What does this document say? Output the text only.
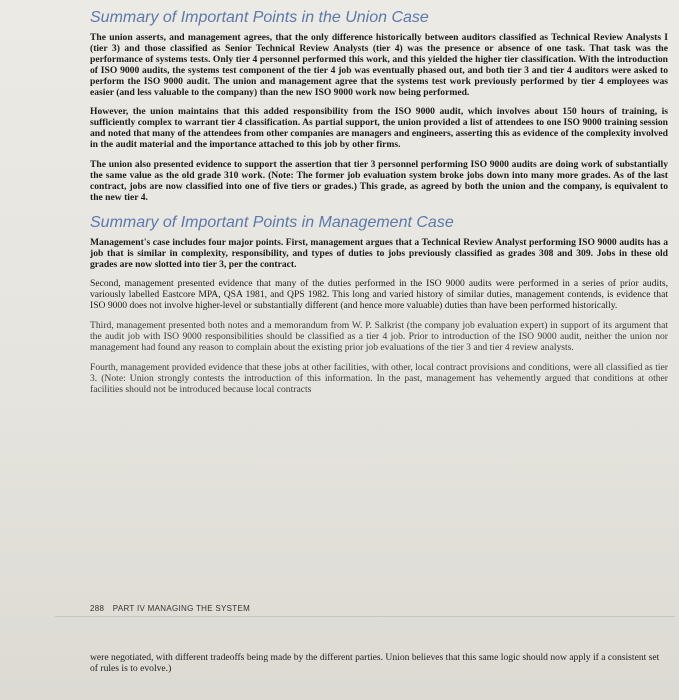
Summary of Important Points in the Union Case

The union asserts, and management agrees, that the only difference historically between auditors classified as Technical Review Analysts I (tier 3) and those classified as Senior Technical Review Analysts (tier 4) was the presence or absence of one task. That task was the performance of systems tests. Only tier 4 personnel performed this work, and this yielded the higher tier classification. With the introduction of ISO 9000 audits, the systems test component of the tier 4 job was eventually phased out, and both tier 3 and tier 4 auditors were asked to perform the ISO 9000 audit. The union and management agree that the systems test work previously performed by tier 4 employees was easier (and less valuable to the company) than the new ISO 9000 work now being performed.

However, the union maintains that this added responsibility from the ISO 9000 audit, which involves about 150 hours of training, is sufficiently complex to warrant tier 4 classification. As partial support, the union provided a list of attendees to one ISO 9000 training session and noted that many of the attendees from other companies are managers and engineers, asserting this as evidence of the complexity involved in the audit material and the importance attached to this job by other firms.

The union also presented evidence to support the assertion that tier 3 personnel performing ISO 9000 audits are doing work of substantially the same value as the old grade 310 work. (Note: The former job evaluation system broke jobs down into many more grades. As of the last contract, jobs are now classified into one of five tiers or grades.) This grade, as agreed by both the union and the company, is equivalent to the new tier 4.

Summary of Important Points in Management Case

Management's case includes four major points. First, management argues that a Technical Review Analyst performing ISO 9000 audits has a job that is similar in complexity, responsibility, and types of duties to jobs previously classified as grades 308 and 309. Jobs in these old grades are now slotted into tier 3, per the contract.

Second, management presented evidence that many of the duties performed in the ISO 9000 audits were performed in a series of prior audits, variously labelled Eastcore MPA, QSA 1981, and QPS 1982. This long and varied history of similar duties, management contends, is evidence that ISO 9000 does not involve higher-level or substantially different (and hence more valuable) duties than have been performed historically.

Third, management presented both notes and a memorandum from W. P. Salkrist (the company job evaluation expert) in support of its argument that the audit job with ISO 9000 responsibilities should be classified as a tier 4 job. Prior to introduction of the ISO 9000 audit, neither the union nor management had found any reason to complain about the existing prior job evaluations of the tier 3 and tier 4 review analysts.

Fourth, management provided evidence that these jobs at other facilities, with other, local contract provisions and conditions, were all classified as tier 3. (Note: Union strongly contests the introduction of this information. In the past, management has vehemently argued that conditions at other facilities should not be introduced because local contracts

288 PART IV MANAGING THE SYSTEM

were negotiated, with different tradeoffs being made by the different parties. Union believes that this same logic should now apply if a consistent set of rules is to evolve.)
